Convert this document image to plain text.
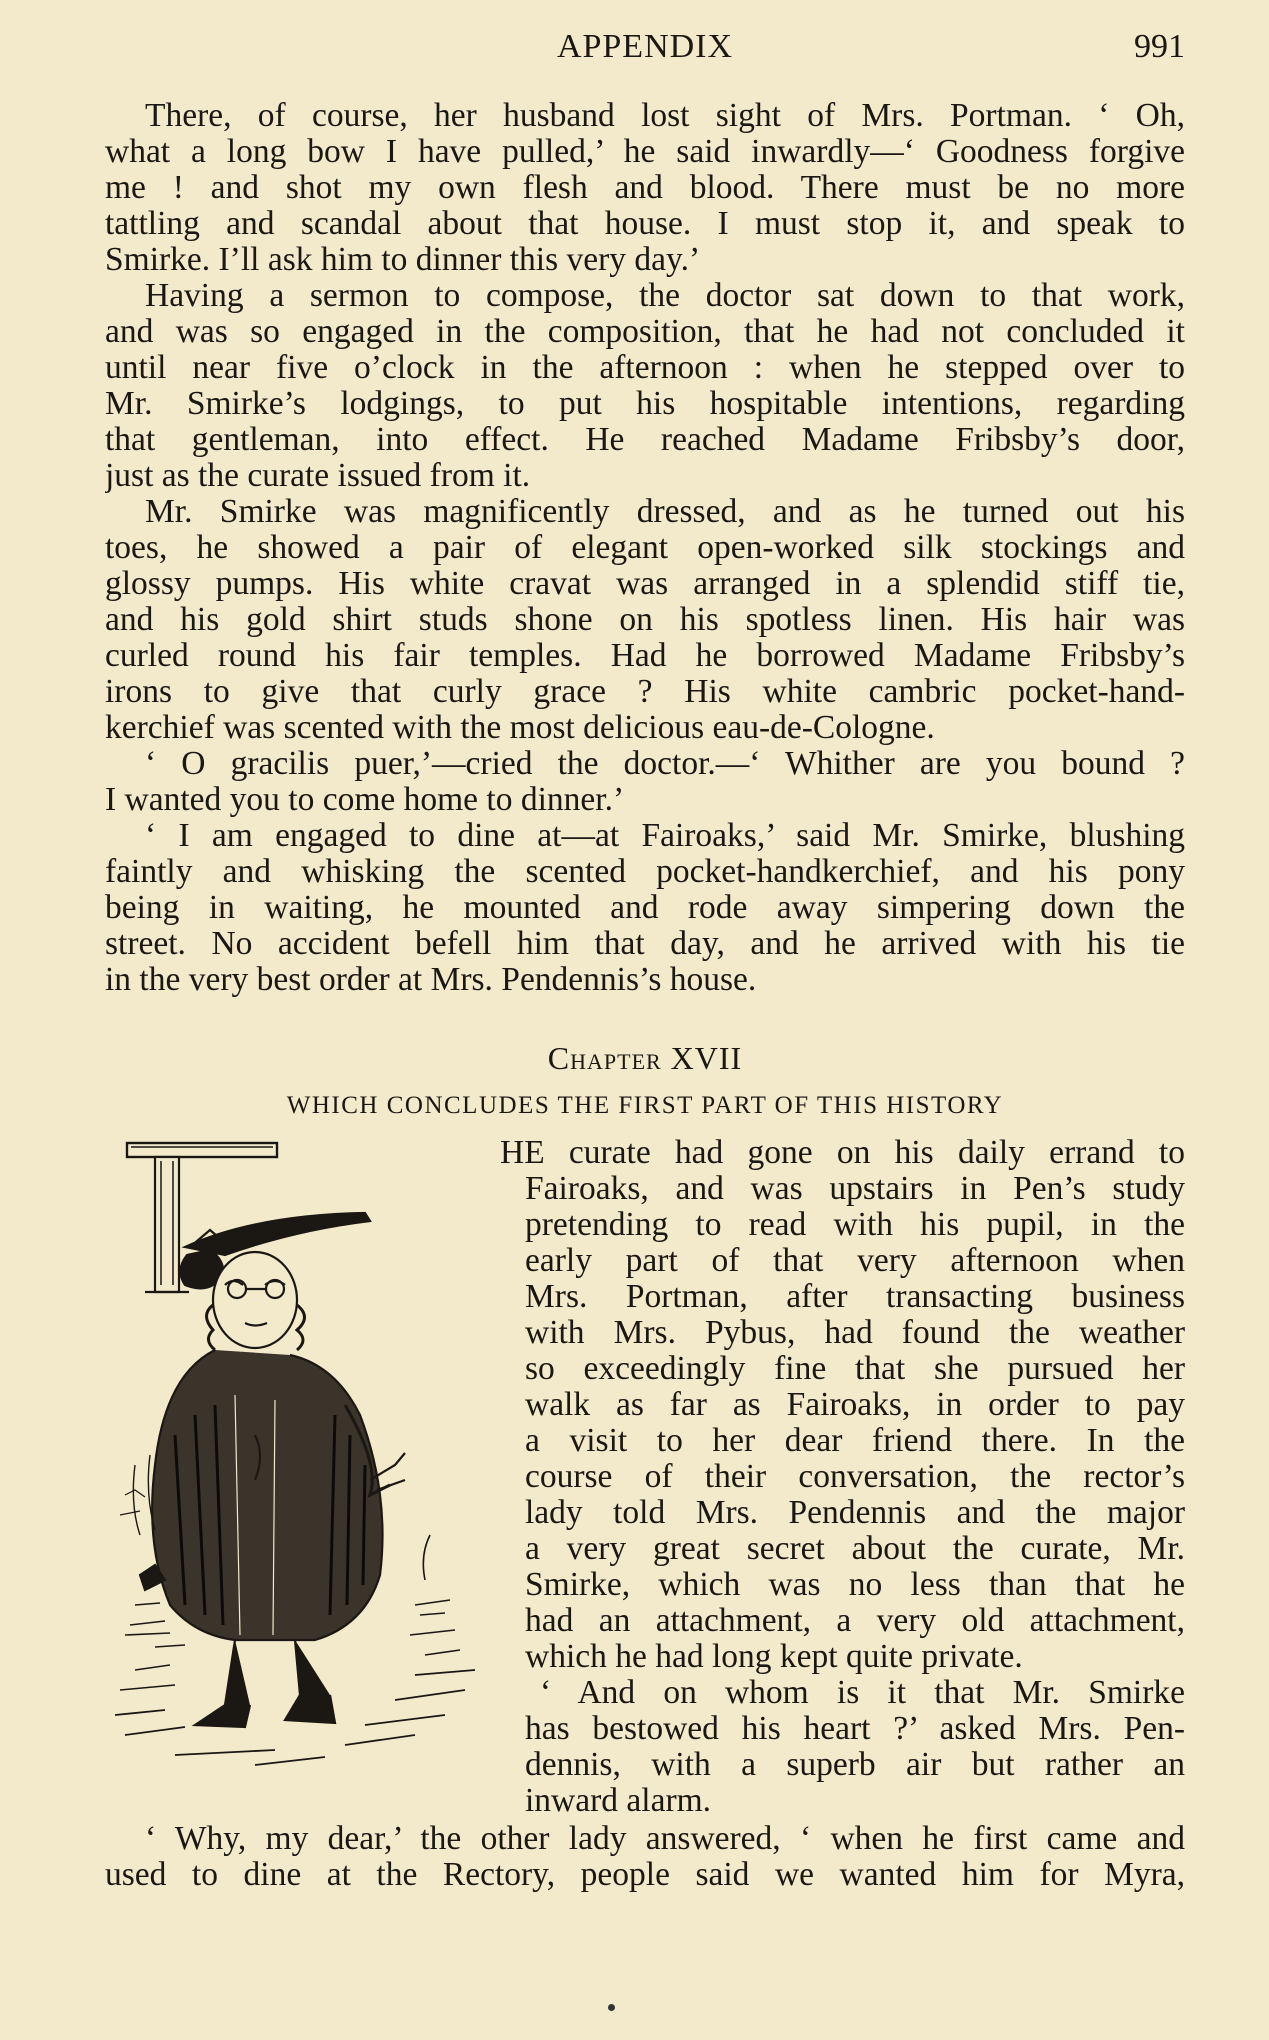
APPENDIX	991
There, of course, her husband lost sight of Mrs. Portman. ‘ Oh,
what a long bow I have pulled,’ he said inwardly—‘ Goodness forgive
me ! and shot my own flesh and blood. There must be no more
tattling and scandal about that house. I must stop it, and speak to
Smirke. I’ll ask him to dinner this very day.’
Having a sermon to compose, the doctor sat down to that work,
and was so engaged in the composition, that he had not concluded it
until near five o’clock in the afternoon : when he stepped over to
Mr. Smirke’s lodgings, to put his hospitable intentions, regarding
that gentleman, into effect. He reached Madame Fribsby’s door,
just as the curate issued from it.
Mr. Smirke was magnificently dressed, and as he turned out his
toes, he showed a pair of elegant open-worked silk stockings and
glossy pumps. His white cravat was arranged in a splendid stiff tie,
and his gold shirt studs shone on his spotless linen. His hair was
curled round his fair temples. Had he borrowed Madame Fribsby’s
irons to give that curly grace ? His white cambric pocket-hand-
kerchief was scented with the most delicious eau-de-Cologne.
‘ O gracilis puer,’—cried the doctor.—‘ Whither are you bound ?
I wanted you to come home to dinner.’
‘ I am engaged to dine at—at Fairoaks,’ said Mr. Smirke, blushing
faintly and whisking the scented pocket-handkerchief, and his pony
being in waiting, he mounted and rode away simpering down the
street. No accident befell him that day, and he arrived with his tie
in the very best order at Mrs. Pendennis’s house.
Chapter XVII
WHICH CONCLUDES THE FIRST PART OF THIS HISTORY
HE curate had gone on his daily errand to
Fairoaks, and was upstairs in Pen’s study
pretending to read with his pupil, in the
early part of that very afternoon when
Mrs. Portman, after transacting business
with Mrs. Pybus, had found the weather
so exceedingly fine that she pursued her
walk as far as Fairoaks, in order to pay
a visit to her dear friend there. In the
course of their conversation, the rector’s
lady told Mrs. Pendennis and the major
a very great secret about the curate, Mr.
Smirke, which was no less than that he
had an attachment, a very old attachment,
which he had long kept quite private.
‘ And on whom is it that Mr. Smirke
has bestowed his heart ?’ asked Mrs. Pen-
dennis, with a superb air but rather an
inward alarm.
‘ Why, my dear,’ the other lady answered, ‘ when he first came and
used to dine at the Rectory, people said we wanted him for Myra,
